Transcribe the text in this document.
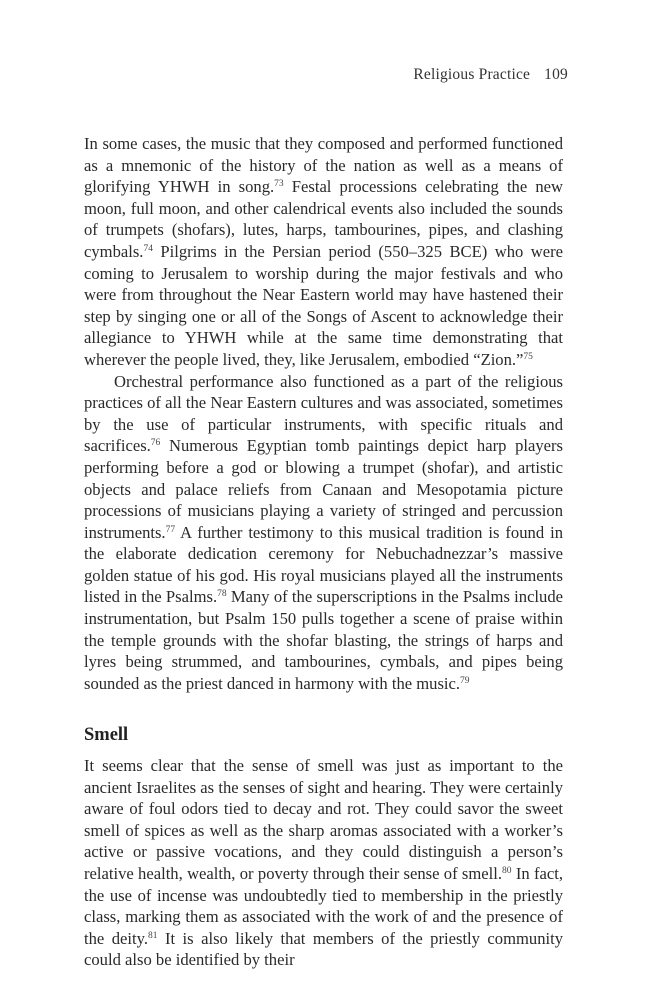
Religious Practice 109

In some cases, the music that they composed and performed functioned as a mnemonic of the history of the nation as well as a means of glorifying YHWH in song.$^{73}$ Festal processions celebrating the new moon, full moon, and other calendrical events also included the sounds of trumpets (shofars), lutes, harps, tambourines, pipes, and clashing cymbals.$^{74}$ Pilgrims in the Persian period (550–325 BCE) who were coming to Jerusalem to worship during the major festivals and who were from throughout the Near Eastern world may have hastened their step by singing one or all of the Songs of Ascent to acknowledge their allegiance to YHWH while at the same time demonstrating that wherever the people lived, they, like Jerusalem, embodied “Zion.”$^{75}$

Orchestral performance also functioned as a part of the religious practices of all the Near Eastern cultures and was associated, sometimes by the use of particular instruments, with specific rituals and sacrifices.$^{76}$ Numerous Egyptian tomb paintings depict harp players performing before a god or blowing a trumpet (shofar), and artistic objects and palace reliefs from Canaan and Mesopotamia picture processions of musicians playing a variety of stringed and percussion instruments.$^{77}$ A further testimony to this musical tradition is found in the elaborate dedication ceremony for Nebuchadnezzar’s massive golden statue of his god. His royal musicians played all the instruments listed in the Psalms.$^{78}$ Many of the superscriptions in the Psalms include instrumentation, but Psalm 150 pulls together a scene of praise within the temple grounds with the shofar blasting, the strings of harps and lyres being strummed, and tambourines, cymbals, and pipes being sounded as the priest danced in harmony with the music.$^{79}$

Smell

It seems clear that the sense of smell was just as important to the ancient Israelites as the senses of sight and hearing. They were certainly aware of foul odors tied to decay and rot. They could savor the sweet smell of spices as well as the sharp aromas associated with a worker’s active or passive vocations, and they could distinguish a person’s relative health, wealth, or poverty through their sense of smell.$^{80}$ In fact, the use of incense was undoubtedly tied to membership in the priestly class, marking them as associated with the work of and the presence of the deity.$^{81}$ It is also likely that members of the priestly community could also be identified by their
